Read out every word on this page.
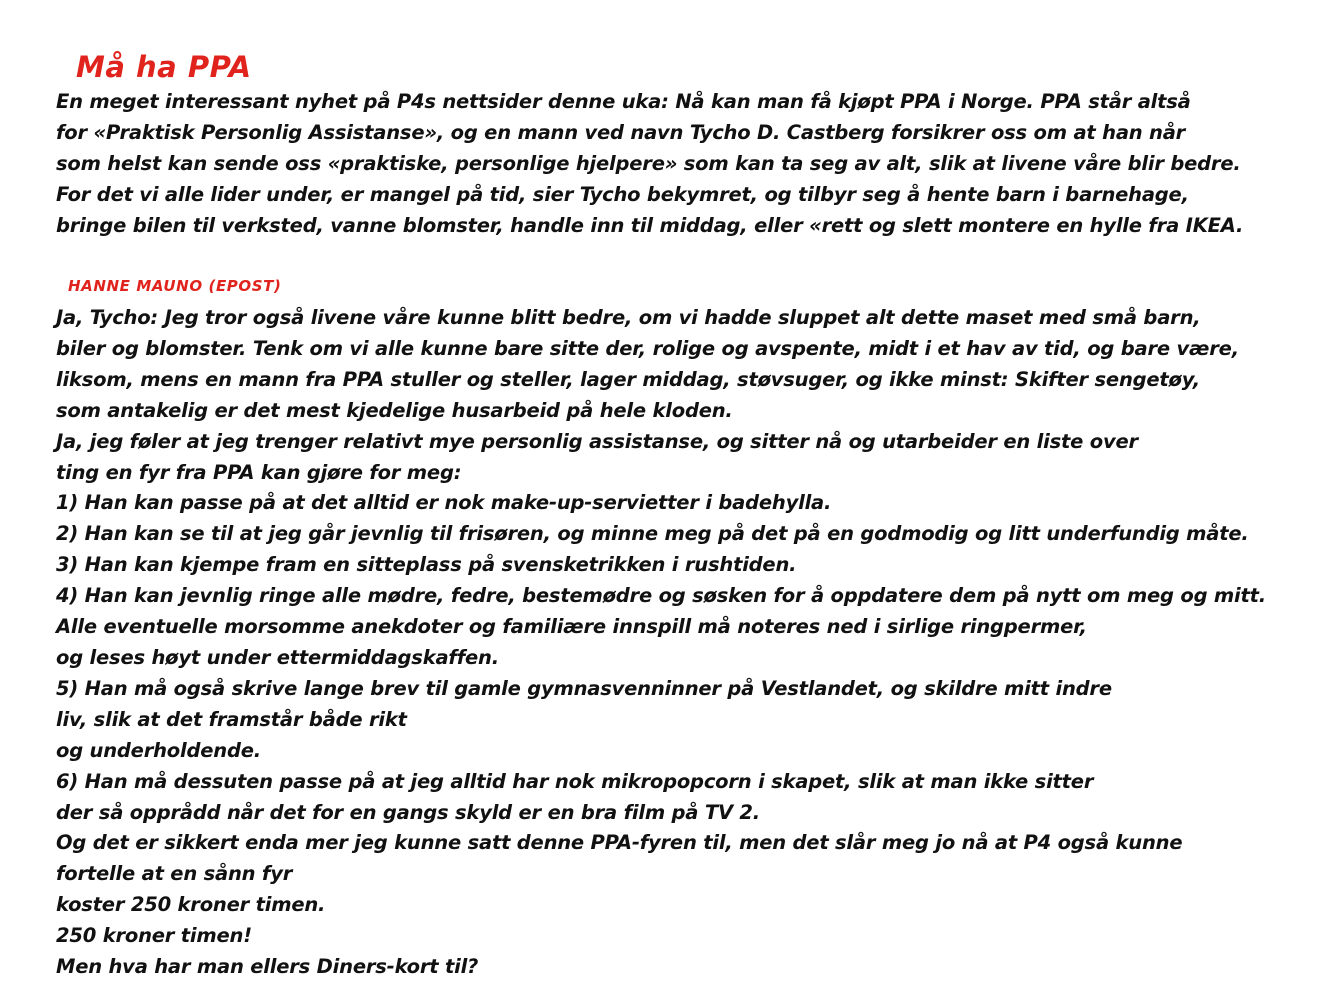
Må ha PPA
En meget interessant nyhet på P4s nettsider denne uka: Nå kan man få kjøpt PPA i Norge. PPA står altså
for «Praktisk Personlig Assistanse», og en mann ved navn Tycho D. Castberg forsikrer oss om at han når
som helst kan sende oss «praktiske, personlige hjelpere» som kan ta seg av alt, slik at livene våre blir bedre.
For det vi alle lider under, er mangel på tid, sier Tycho bekymret, og tilbyr seg å hente barn i barnehage,
bringe bilen til verksted, vanne blomster, handle inn til middag, eller «rett og slett montere en hylle fra IKEA.
HANNE MAUNO (EPOST)
Ja, Tycho: Jeg tror også livene våre kunne blitt bedre, om vi hadde sluppet alt dette maset med små barn,
biler og blomster. Tenk om vi alle kunne bare sitte der, rolige og avspente, midt i et hav av tid, og bare være,
liksom, mens en mann fra PPA stuller og steller, lager middag, støvsuger, og ikke minst: Skifter sengetøy,
som antakelig er det mest kjedelige husarbeid på hele kloden.
Ja, jeg føler at jeg trenger relativt mye personlig assistanse, og sitter nå og utarbeider en liste over
ting en fyr fra PPA kan gjøre for meg:
1) Han kan passe på at det alltid er nok make-up-servietter i badehylla.
2) Han kan se til at jeg går jevnlig til frisøren, og minne meg på det på en godmodig og litt underfundig måte.
3) Han kan kjempe fram en sitteplass på svensketrikken i rushtiden.
4) Han kan jevnlig ringe alle mødre, fedre, bestemødre og søsken for å oppdatere dem på nytt om meg og mitt.
Alle eventuelle morsomme anekdoter og familiære innspill må noteres ned i sirlige ringpermer,
og leses høyt under ettermiddagskaffen.
5) Han må også skrive lange brev til gamle gymnasvenninner på Vestlandet, og skildre mitt indre
liv, slik at det framstår både rikt
og underholdende.
6) Han må dessuten passe på at jeg alltid har nok mikropopcorn i skapet, slik at man ikke sitter
der så opprådd når det for en gangs skyld er en bra film på TV 2.
Og det er sikkert enda mer jeg kunne satt denne PPA-fyren til, men det slår meg jo nå at P4 også kunne
fortelle at en sånn fyr
koster 250 kroner timen.
250 kroner timen!
Men hva har man ellers Diners-kort til?
